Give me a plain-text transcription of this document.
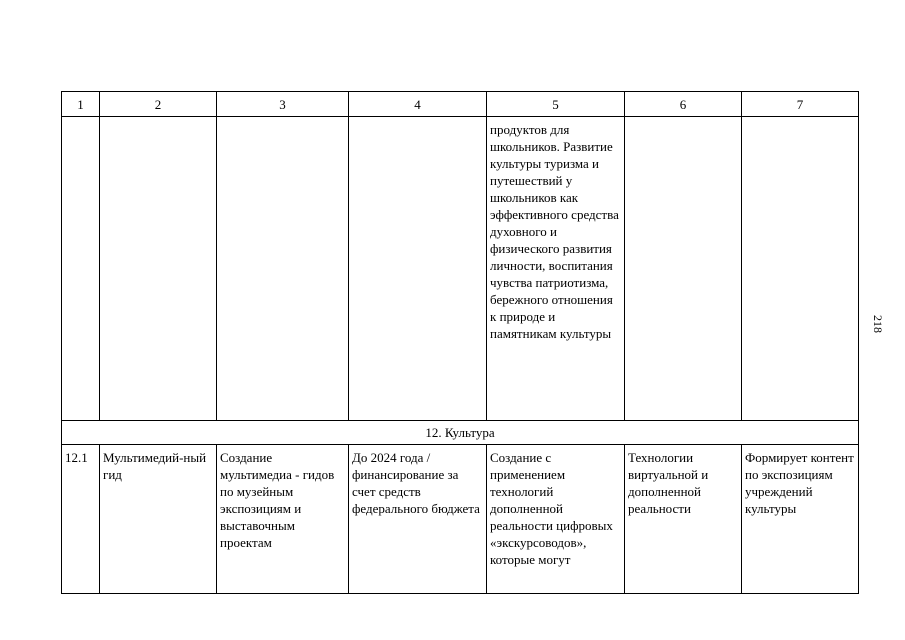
1	2	3	4	5	6	7
				продуктов для школьников. Развитие культуры туризма и путешествий у школьников как эффективного средства духовного и физического развития личности, воспитания чувства патриотизма, бережного отношения к природе и памятникам культуры		
12. Культура						
12.1	Мультимедий-ный гид	Создание мультимедиа - гидов по музейным экспозициям и выставочным проектам	До 2024 года / финансирование за счет средств федерального бюджета	Создание с применением технологий дополненной реальности цифровых «экскурсоводов», которые могут	Технологии виртуальной и дополненной реальности	Формирует контент по экспозициям учреждений культуры
218
